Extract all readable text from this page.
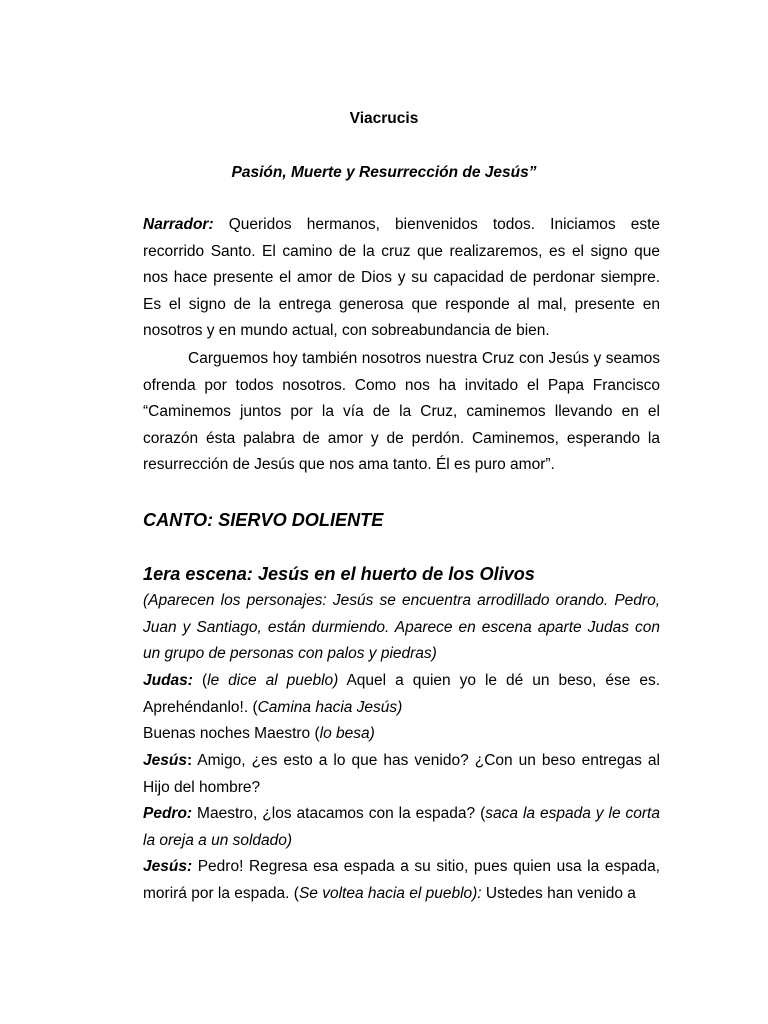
Viacrucis
Pasión, Muerte y Resurrección de Jesús”

Narrador: Queridos hermanos, bienvenidos todos. Iniciamos este recorrido Santo. El camino de la cruz que realizaremos, es el signo que nos hace presente el amor de Dios y su capacidad de perdonar siempre. Es el signo de la entrega generosa que responde al mal, presente en nosotros y en mundo actual, con sobreabundancia de bien.

Carguemos hoy también nosotros nuestra Cruz con Jesús y seamos ofrenda por todos nosotros. Como nos ha invitado el Papa Francisco “Caminemos juntos por la vía de la Cruz, caminemos llevando en el corazón ésta palabra de amor y de perdón. Caminemos, esperando la resurrección de Jesús que nos ama tanto. Él es puro amor”.

CANTO: SIERVO DOLIENTE
1era escena: Jesús en el huerto de los Olivos

(Aparecen los personajes: Jesús se encuentra arrodillado orando. Pedro, Juan y Santiago, están durmiendo. Aparece en escena aparte Judas con un grupo de personas con palos y piedras)

Judas: (le dice al pueblo) Aquel a quien yo le dé un beso, ése es. Aprehéndanlo!. (Camina hacia Jesús)

Buenas noches Maestro (lo besa)

Jesús: Amigo, ¿es esto a lo que has venido? ¿Con un beso entregas al Hijo del hombre?

Pedro: Maestro, ¿los atacamos con la espada? (saca la espada y le corta la oreja a un soldado)

Jesús: Pedro! Regresa esa espada a su sitio, pues quien usa la espada, morirá por la espada. (Se voltea hacia el pueblo): Ustedes han venido a
